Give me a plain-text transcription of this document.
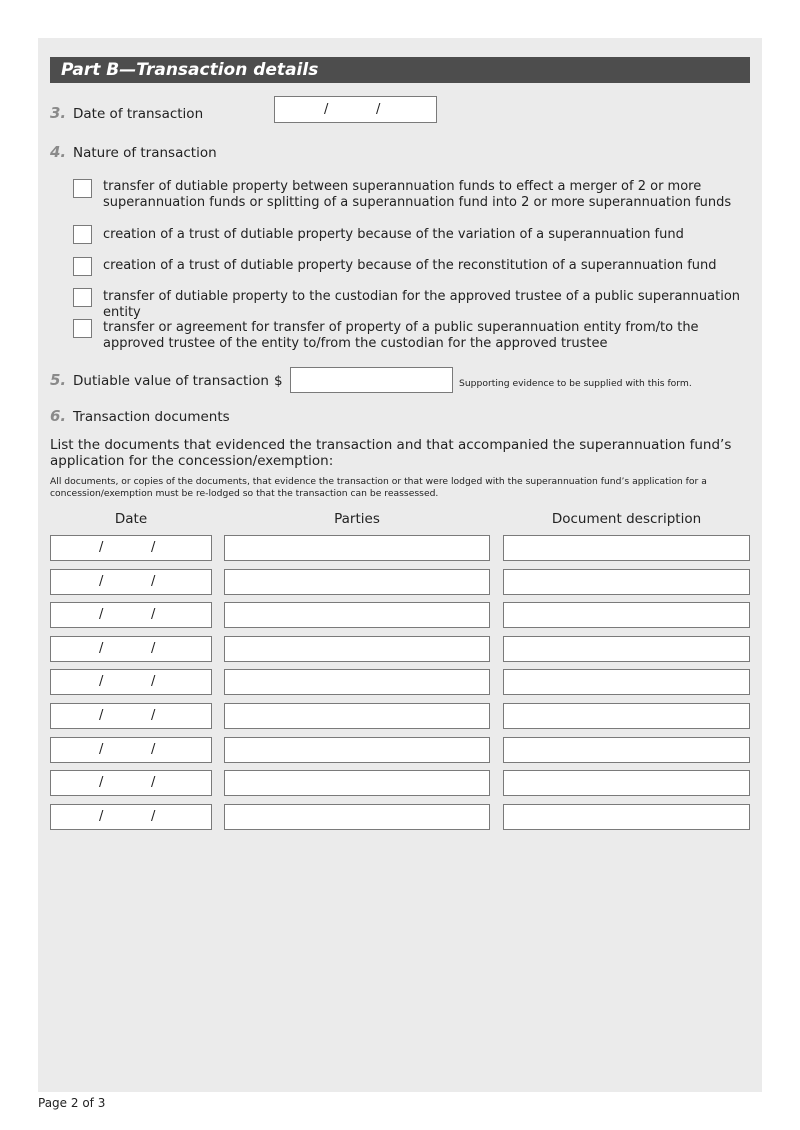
Part B—Transaction details
3. Date of transaction	/	/
4. Nature of transaction
transfer of dutiable property between superannuation funds to effect a merger of 2 or more superannuation funds or splitting of a superannuation fund into 2 or more superannuation funds
creation of a trust of dutiable property because of the variation of a superannuation fund
creation of a trust of dutiable property because of the reconstitution of a superannuation fund
transfer of dutiable property to the custodian for the approved trustee of a public superannuation entity
transfer or agreement for transfer of property of a public superannuation entity from/to the approved trustee of the entity to/from the custodian for the approved trustee
5. Dutiable value of transaction $	Supporting evidence to be supplied with this form.
6. Transaction documents
List the documents that evidenced the transaction and that accompanied the superannuation fund’s application for the concession/exemption:
All documents, or copies of the documents, that evidence the transaction or that were lodged with the superannuation fund’s application for a concession/exemption must be re-lodged so that the transaction can be reassessed.
Date	Parties	Document description
/	/
/	/
/	/
/	/
/	/
/	/
/	/
/	/
/	/
Page 2 of 3
